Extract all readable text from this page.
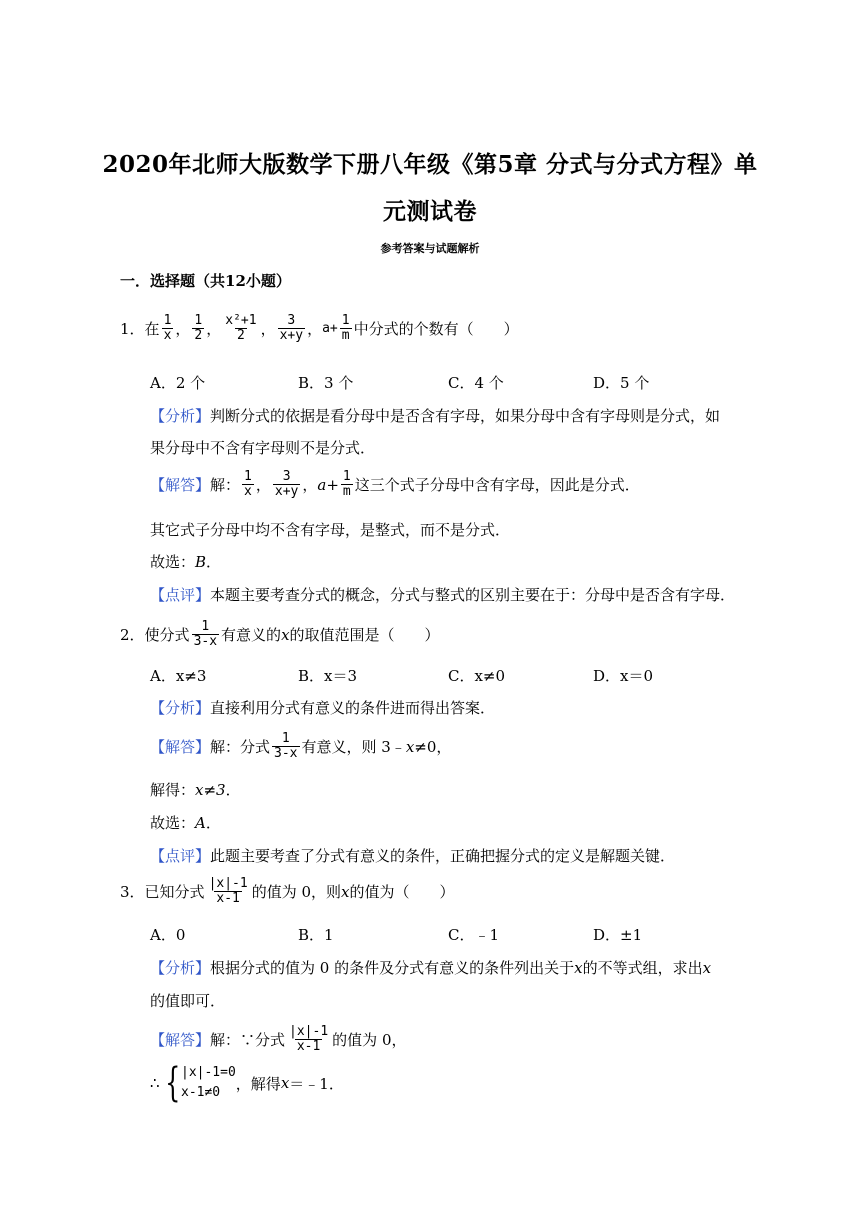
2020年北师大版数学下册八年级《第5章 分式与分式方程》单
元测试卷
参考答案与试题解析
一．选择题（共12小题）
1． 在 $\frac{1}{x}$ ， $\frac{1}{2}$ ， $\frac{\text{x²+1}}{2}$ ， $\frac{3}{x+y}$ ， $a+ \frac{1}{m}$ 中分式的个数有（　　）
A．2 个	B．3 个	C．4 个	D．5 个
【分析】 判断分式的依据是看分母中是否含有字母，如果分母中含有字母则是分式，如
果分母中不含有字母则不是分式．
【解答】 解： $\frac{1}{x}$ ， $\frac{3}{x+y}$ ， $a+ \frac{1}{m}$ 这三个式子分母中含有字母，因此是分式．
其它式子分母中均不含有字母，是整式，而不是分式．
故选： B ．
【点评】 本题主要考查分式的概念，分式与整式的区别主要在于：分母中是否含有字母．
2． 使分式 $\frac{1}{3-x}$ 有意义的 x 的取值范围是（　　）
A．x≠3	B．x＝3	C．x≠0	D．x＝0
【分析】 直接利用分式有意义的条件进而得出答案．
【解答】 解：分式 $\frac{1}{3-x}$ 有意义，则 3﹣ x ≠0，
解得： x≠3 ．
故选： A ．
【点评】 此题主要考查了分式有意义的条件，正确把握分式的定义是解题关键．
3． 已知分式 $\frac{|x|-1}{x-1}$ 的值为 0，则 x 的值为（　　）
A．0	B．1	C．﹣1	D．±1
【分析】 根据分式的值为 0 的条件及分式有意义的条件列出关于 x 的不等式组，求出 x
的值即可．
【解答】 解：∵分式 $\frac{|x|-1}{x-1}$ 的值为 0，
∴ { |x|-1=0
x-1≠0	，解得 x ＝﹣1．
